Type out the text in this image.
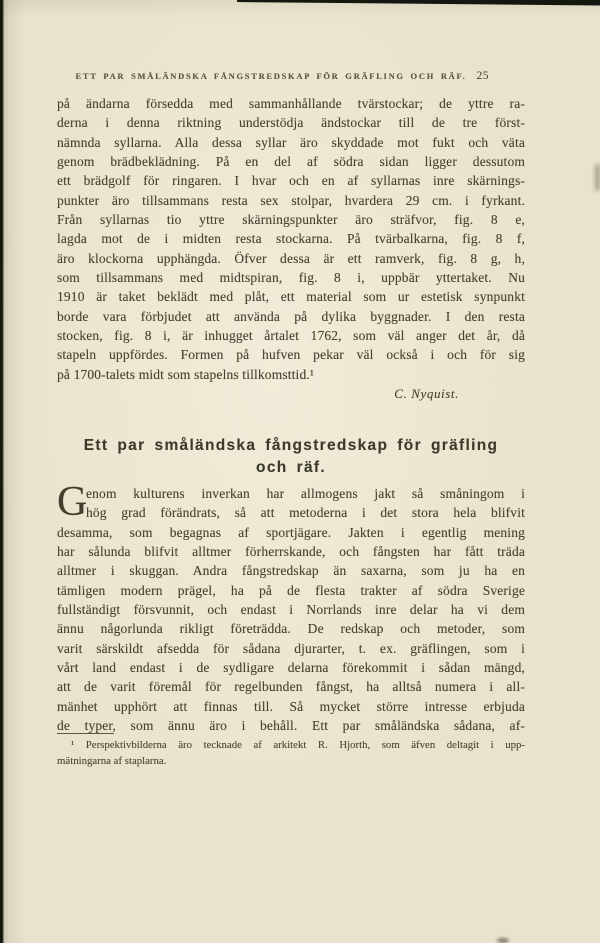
ETT PAR SMÅLÄNDSKA FÅNGSTREDSKAP FÖR GRÄFLING OCH RÄF. 25
på ändarna försedda med sammanhållande tvärstockar; de yttre ra-
derna i denna riktning understödja ändstockar till de tre först-
nämnda syllarna. Alla dessa syllar äro skyddade mot fukt och väta
genom brädbeklädning. På en del af södra sidan ligger dessutom
ett brädgolf för ringaren. I hvar och en af syllarnas inre skärnings-
punkter äro tillsammans resta sex stolpar, hvardera 29 cm. i fyrkant.
Från syllarnas tio yttre skärningspunkter äro sträfvor, fig. 8 e,
lagda mot de i midten resta stockarna. På tvärbalkarna, fig. 8 f,
äro klockorna upphängda. Öfver dessa är ett ramverk, fig. 8 g, h,
som tillsammans med midtspiran, fig. 8 i, uppbär yttertaket. Nu
1910 är taket beklädt med plåt, ett material som ur estetisk synpunkt
borde vara förbjudet att använda på dylika byggnader. I den resta
stocken, fig. 8 i, är inhugget årtalet 1762, som väl anger det år, då
stapeln uppfördes. Formen på hufven pekar väl också i och för sig
på 1700-talets midt som stapelns tillkomsttid.¹
C. Nyquist.
Ett par småländska fångstredskap för gräfling
och räf.
G
enom kulturens inverkan har allmogens jakt så småningom i
hög grad förändrats, så att metoderna i det stora hela blifvit
desamma, som begagnas af sportjägare. Jakten i egentlig mening
har sålunda blifvit alltmer förherrskande, och fångsten har fått träda
alltmer i skuggan. Andra fångstredskap än saxarna, som ju ha en
tämligen modern prägel, ha på de flesta trakter af södra Sverige
fullständigt försvunnit, och endast i Norrlands inre delar ha vi dem
ännu någorlunda rikligt företrädda. De redskap och metoder, som
varit särskildt afsedda för sådana djurarter, t. ex. gräflingen, som i
vårt land endast i de sydligare delarna förekommit i sådan mängd,
att de varit föremål för regelbunden fångst, ha alltså numera i all-
mänhet upphört att finnas till. Så mycket större intresse erbjuda
de typer, som ännu äro i behåll. Ett par småländska sådana, af-
¹ Perspektivbilderna äro tecknade af arkitekt R. Hjorth, som äfven deltagit i upp-
mätningarna af staplarna.
